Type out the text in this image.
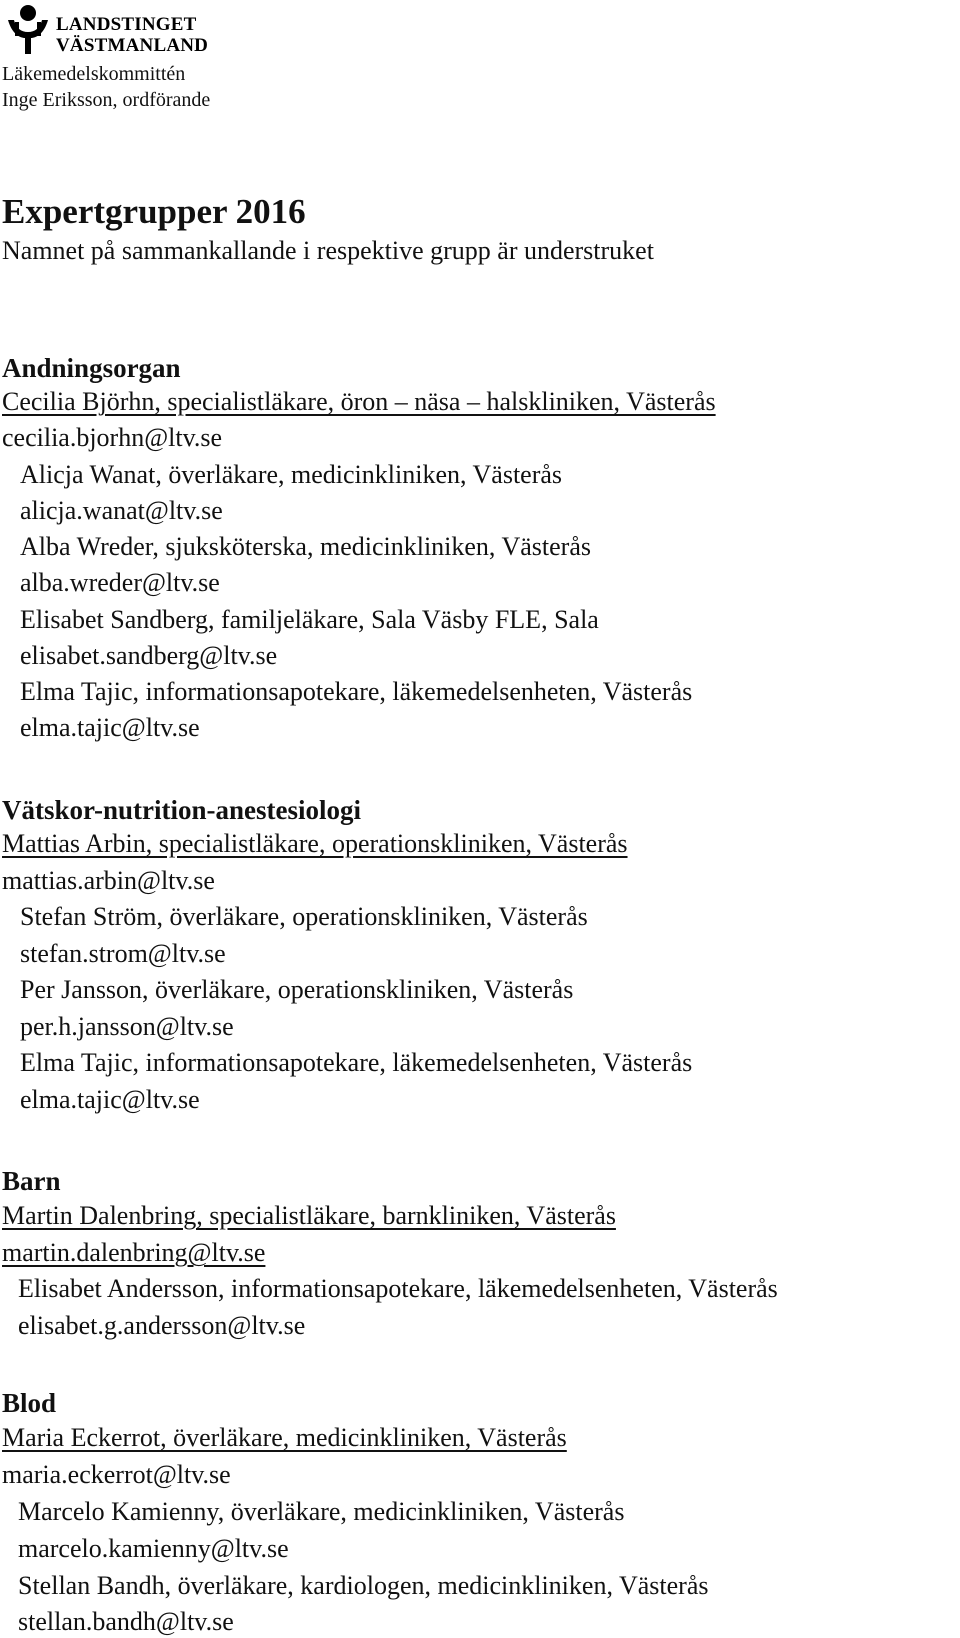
LANDSTINGET
VÄSTMANLAND
Läkemedelskommittén
Inge Eriksson, ordförande
Expertgrupper 2016
Namnet på sammankallande i respektive grupp är understruket
Andningsorgan
Cecilia Björhn, specialistläkare, öron – näsa – halskliniken, Västerås
cecilia.bjorhn@ltv.se
Alicja Wanat, överläkare, medicinkliniken, Västerås
alicja.wanat@ltv.se
Alba Wreder, sjuksköterska, medicinkliniken, Västerås
alba.wreder@ltv.se
Elisabet Sandberg, familjeläkare, Sala Väsby FLE, Sala
elisabet.sandberg@ltv.se
Elma Tajic, informationsapotekare, läkemedelsenheten, Västerås
elma.tajic@ltv.se
Vätskor-nutrition-anestesiologi
Mattias Arbin, specialistläkare, operationskliniken, Västerås
mattias.arbin@ltv.se
Stefan Ström, överläkare, operationskliniken, Västerås
stefan.strom@ltv.se
Per Jansson, överläkare, operationskliniken, Västerås
per.h.jansson@ltv.se
Elma Tajic, informationsapotekare, läkemedelsenheten, Västerås
elma.tajic@ltv.se
Barn
Martin Dalenbring, specialistläkare, barnkliniken, Västerås
martin.dalenbring@ltv.se
Elisabet Andersson, informationsapotekare, läkemedelsenheten, Västerås
elisabet.g.andersson@ltv.se
Blod
Maria Eckerrot, överläkare, medicinkliniken, Västerås
maria.eckerrot@ltv.se
Marcelo Kamienny, överläkare, medicinkliniken, Västerås
marcelo.kamienny@ltv.se
Stellan Bandh, överläkare, kardiologen, medicinkliniken, Västerås
stellan.bandh@ltv.se
